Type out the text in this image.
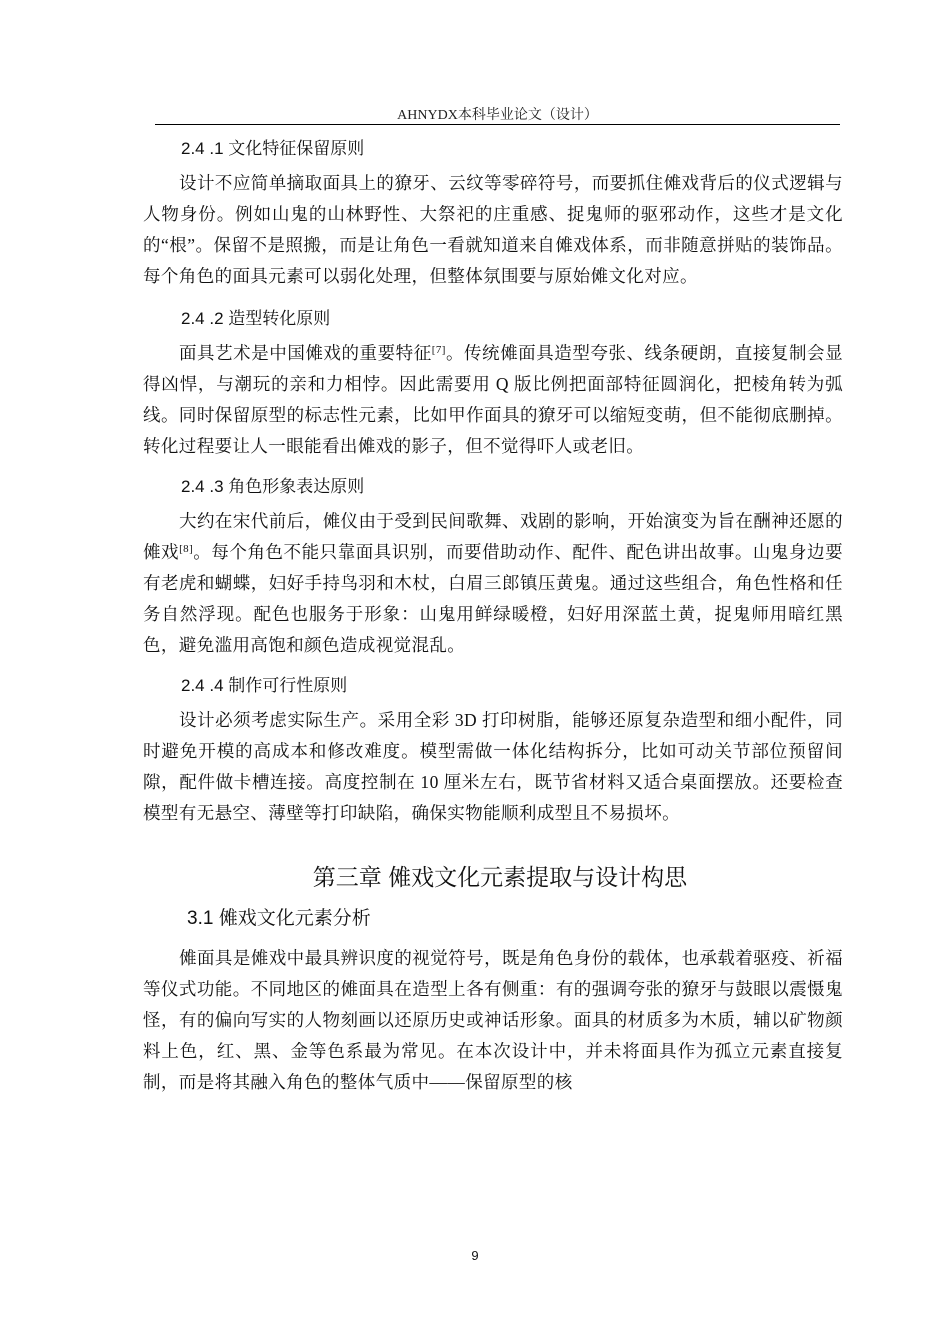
AHNYDX本科毕业论文（设计）
2.4 .1 文化特征保留原则

设计不应简单摘取面具上的獠牙、云纹等零碎符号，而要抓住傩戏背后的仪式逻辑与人物身份。例如山鬼的山林野性、大祭祀的庄重感、捉鬼师的驱邪动作，这些才是文化的“根”。保留不是照搬，而是让角色一看就知道来自傩戏体系，而非随意拼贴的装饰品。每个角色的面具元素可以弱化处理，但整体氛围要与原始傩文化对应。

2.4 .2 造型转化原则

面具艺术是中国傩戏的重要特征[7]。传统傩面具造型夸张、线条硬朗，直接复制会显得凶悍，与潮玩的亲和力相悖。因此需要用 Q 版比例把面部特征圆润化，把棱角转为弧线。同时保留原型的标志性元素，比如甲作面具的獠牙可以缩短变萌，但不能彻底删掉。转化过程要让人一眼能看出傩戏的影子，但不觉得吓人或老旧。

2.4 .3 角色形象表达原则

大约在宋代前后，傩仪由于受到民间歌舞、戏剧的影响，开始演变为旨在酬神还愿的傩戏[8]。每个角色不能只靠面具识别，而要借助动作、配件、配色讲出故事。山鬼身边要有老虎和蝴蝶，妇好手持鸟羽和木杖，白眉三郎镇压黄鬼。通过这些组合，角色性格和任务自然浮现。配色也服务于形象：山鬼用鲜绿暖橙，妇好用深蓝土黄，捉鬼师用暗红黑色，避免滥用高饱和颜色造成视觉混乱。

2.4 .4 制作可行性原则

设计必须考虑实际生产。采用全彩 3D 打印树脂，能够还原复杂造型和细小配件，同时避免开模的高成本和修改难度。模型需做一体化结构拆分，比如可动关节部位预留间隙，配件做卡槽连接。高度控制在 10 厘米左右，既节省材料又适合桌面摆放。还要检查模型有无悬空、薄壁等打印缺陷，确保实物能顺利成型且不易损坏。

第三章 傩戏文化元素提取与设计构思
3.1 傩戏文化元素分析

傩面具是傩戏中最具辨识度的视觉符号，既是角色身份的载体，也承载着驱疫、祈福等仪式功能。不同地区的傩面具在造型上各有侧重：有的强调夸张的獠牙与鼓眼以震慑鬼怪，有的偏向写实的人物刻画以还原历史或神话形象。面具的材质多为木质，辅以矿物颜料上色，红、黑、金等色系最为常见。在本次设计中，并未将面具作为孤立元素直接复制，而是将其融入角色的整体气质中——保留原型的核

9
